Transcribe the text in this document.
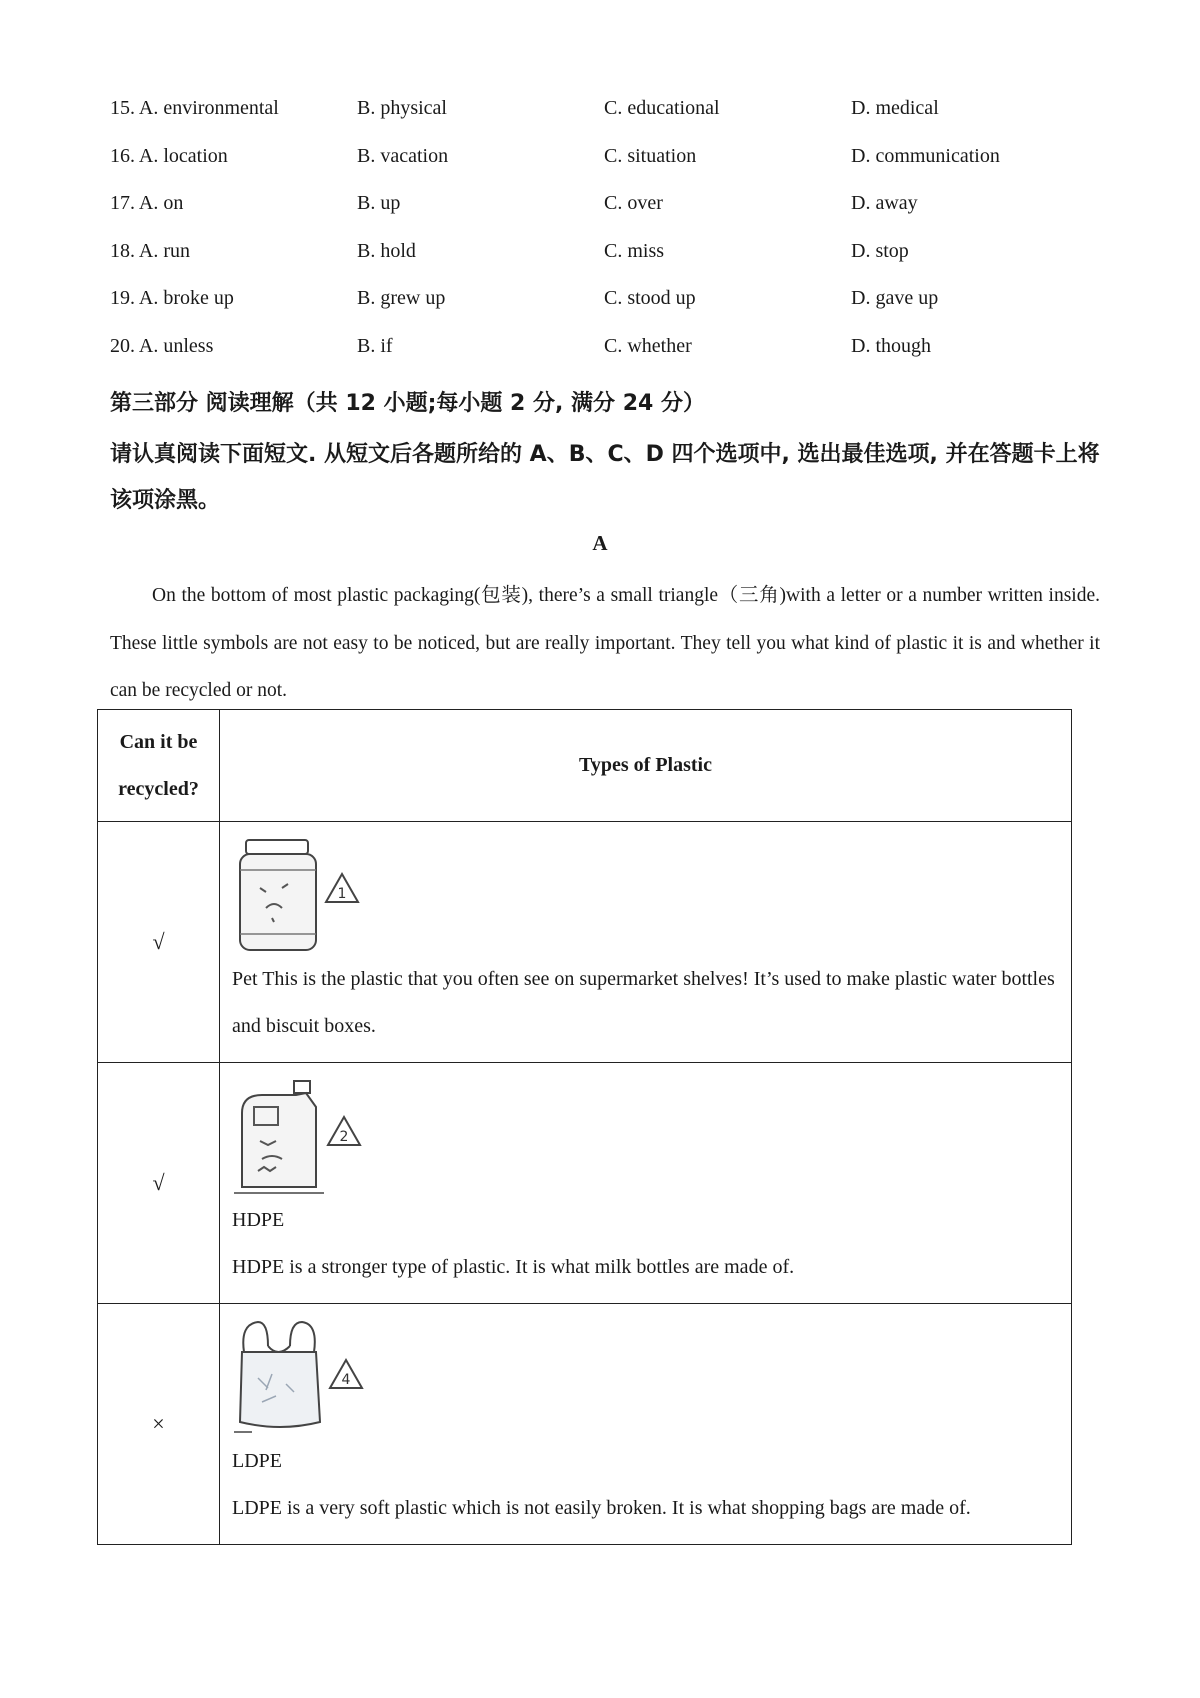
15. A. environmental	B. physical	C. educational	D. medical
16. A. location	B. vacation	C. situation	D. communication
17. A. on	B. up	C. over	D. away
18. A. run	B. hold	C. miss	D. stop
19. A. broke up	B. grew up	C. stood up	D. gave up
20. A. unless	B. if	C. whether	D. though
第三部分 阅读理解（共 12 小题;每小题 2 分, 满分 24 分）

请认真阅读下面短文. 从短文后各题所给的 A、B、C、D 四个选项中, 选出最佳选项, 并在答题卡上将该项涂黑。

A

On the bottom of most plastic packaging(包装), there’s a small triangle（三角)with a letter or a number written inside. These little symbols are not easy to be noticed, but are really important. They tell you what kind of plastic it is and whether it can be recycled or not.

Can it be recycled?	Types of Plastic
√	1
Pet This is the plastic that you often see on supermarket shelves! It’s used to make plastic water bottles and biscuit boxes.

√	2
HDPE
HDPE is a stronger type of plastic. It is what milk bottles are made of.

×	4
LDPE
LDPE is a very soft plastic which is not easily broken. It is what shopping bags are made of.
